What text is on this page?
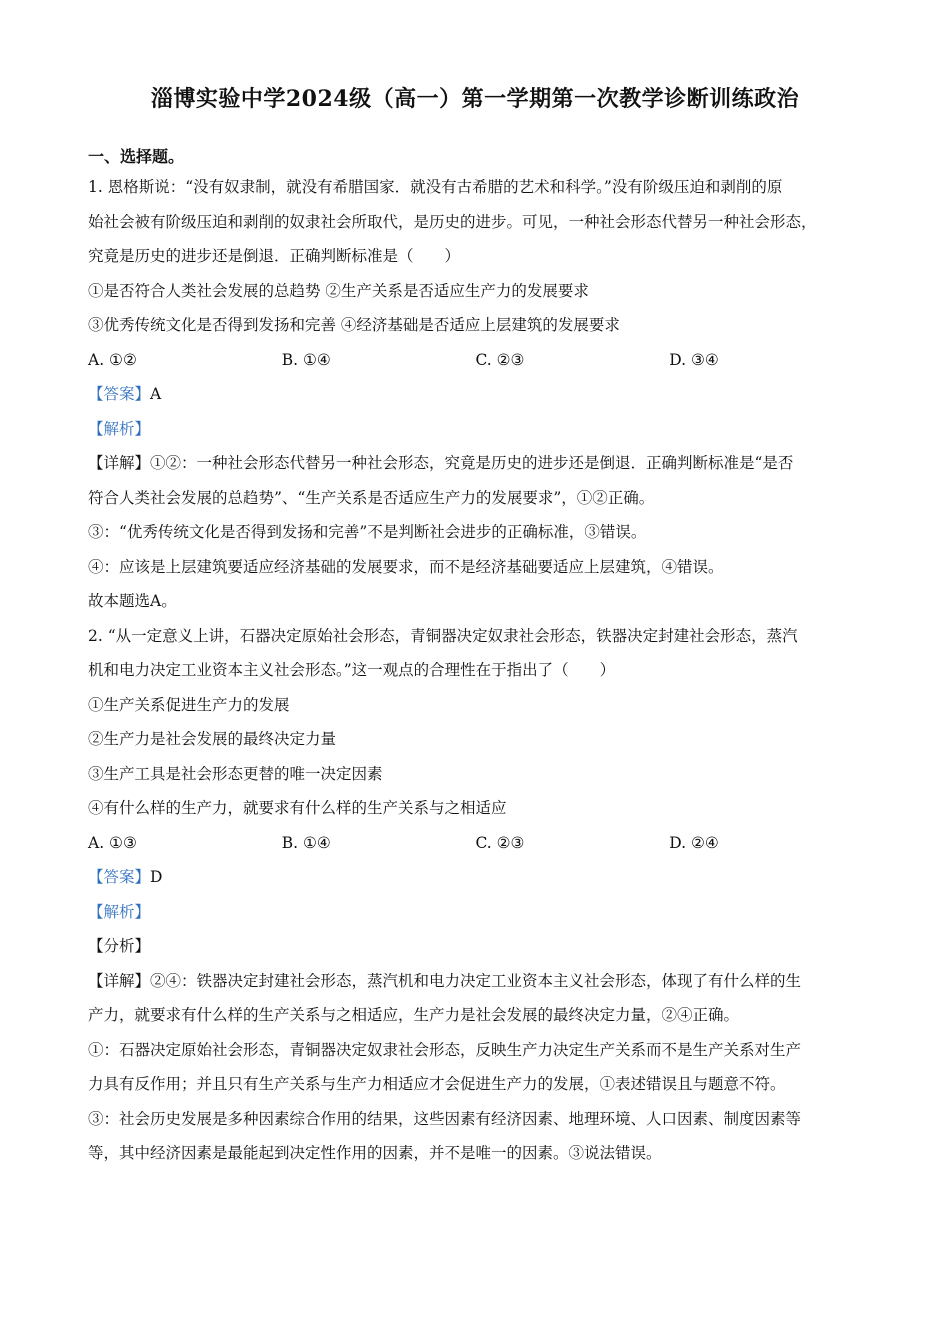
淄博实验中学2024级（高一）第一学期第一次教学诊断训练政治
一、选择题。
1. 恩格斯说：“没有奴隶制，就没有希腊国家．就没有古希腊的艺术和科学。”没有阶级压迫和剥削的原
始社会被有阶级压迫和剥削的奴隶社会所取代，是历史的进步。可见，一种社会形态代替另一种社会形态，
究竟是历史的进步还是倒退．正确判断标准是（　　）
①是否符合人类社会发展的总趋势 ②生产关系是否适应生产力的发展要求
③优秀传统文化是否得到发扬和完善 ④经济基础是否适应上层建筑的发展要求
A. ①②	B. ①④	C. ②③	D. ③④
【答案】A
【解析】
【详解】①②：一种社会形态代替另一种社会形态，究竟是历史的进步还是倒退．正确判断标准是“是否
符合人类社会发展的总趋势”、“生产关系是否适应生产力的发展要求”，①②正确。
③：“优秀传统文化是否得到发扬和完善”不是判断社会进步的正确标准，③错误。
④：应该是上层建筑要适应经济基础的发展要求，而不是经济基础要适应上层建筑，④错误。
故本题选A。
2. “从一定意义上讲，石器决定原始社会形态，青铜器决定奴隶社会形态，铁器决定封建社会形态，蒸汽
机和电力决定工业资本主义社会形态。”这一观点的合理性在于指出了（　　）
①生产关系促进生产力的发展
②生产力是社会发展的最终决定力量
③生产工具是社会形态更替的唯一决定因素
④有什么样的生产力，就要求有什么样的生产关系与之相适应
A. ①③	B. ①④	C. ②③	D. ②④
【答案】D
【解析】
【分析】
【详解】②④：铁器决定封建社会形态，蒸汽机和电力决定工业资本主义社会形态，体现了有什么样的生
产力，就要求有什么样的生产关系与之相适应，生产力是社会发展的最终决定力量，②④正确。
①：石器决定原始社会形态，青铜器决定奴隶社会形态，反映生产力决定生产关系而不是生产关系对生产
力具有反作用；并且只有生产关系与生产力相适应才会促进生产力的发展，①表述错误且与题意不符。
③：社会历史发展是多种因素综合作用的结果，这些因素有经济因素、地理环境、人口因素、制度因素等
等，其中经济因素是最能起到决定性作用的因素，并不是唯一的因素。③说法错误。
